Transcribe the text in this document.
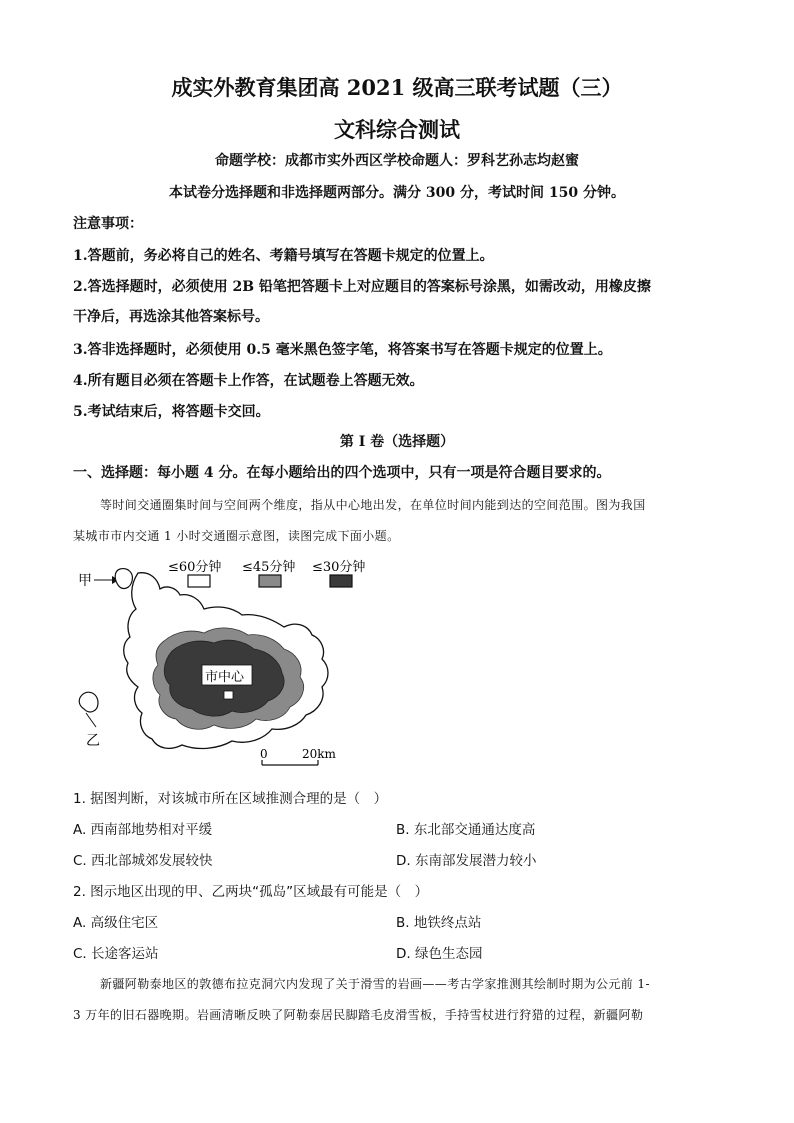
成实外教育集团高 2021 级高三联考试题（三）
文科综合测试
命题学校：成都市实外西区学校命题人：罗科艺孙志均赵蜜
本试卷分选择题和非选择题两部分。满分 300 分，考试时间 150 分钟。
注意事项：
1.答题前，务必将自己的姓名、考籍号填写在答题卡规定的位置上。
2.答选择题时，必须使用 2B 铅笔把答题卡上对应题目的答案标号涂黑，如需改动，用橡皮擦
干净后，再选涂其他答案标号。
3.答非选择题时，必须使用 0.5 毫米黑色签字笔，将答案书写在答题卡规定的位置上。
4.所有题目必须在答题卡上作答，在试题卷上答题无效。
5.考试结束后，将答题卡交回。
第 I 卷（选择题）
一、选择题：每小题 4 分。在每小题给出的四个选项中，只有一项是符合题目要求的。
等时间交通圈集时间与空间两个维度，指从中心地出发，在单位时间内能到达的空间范围。图为我国
某城市市内交通 1 小时交通圈示意图，读图完成下面小题。
≤60分钟 ≤45分钟 ≤30分钟
市中心
甲
乙
0	20km
1. 据图判断，对该城市所在区域推测合理的是（　）
A. 西南部地势相对平缓	B. 东北部交通通达度高
C. 西北部城郊发展较快	D. 东南部发展潜力较小
2. 图示地区出现的甲、乙两块“孤岛”区域最有可能是（　）
A. 高级住宅区	B. 地铁终点站
C. 长途客运站	D. 绿色生态园
新疆阿勒泰地区的敦德布拉克洞穴内发现了关于滑雪的岩画——考古学家推测其绘制时期为公元前 1-
3 万年的旧石器晚期。岩画清晰反映了阿勒泰居民脚踏毛皮滑雪板，手持雪杖进行狩猎的过程，新疆阿勒
